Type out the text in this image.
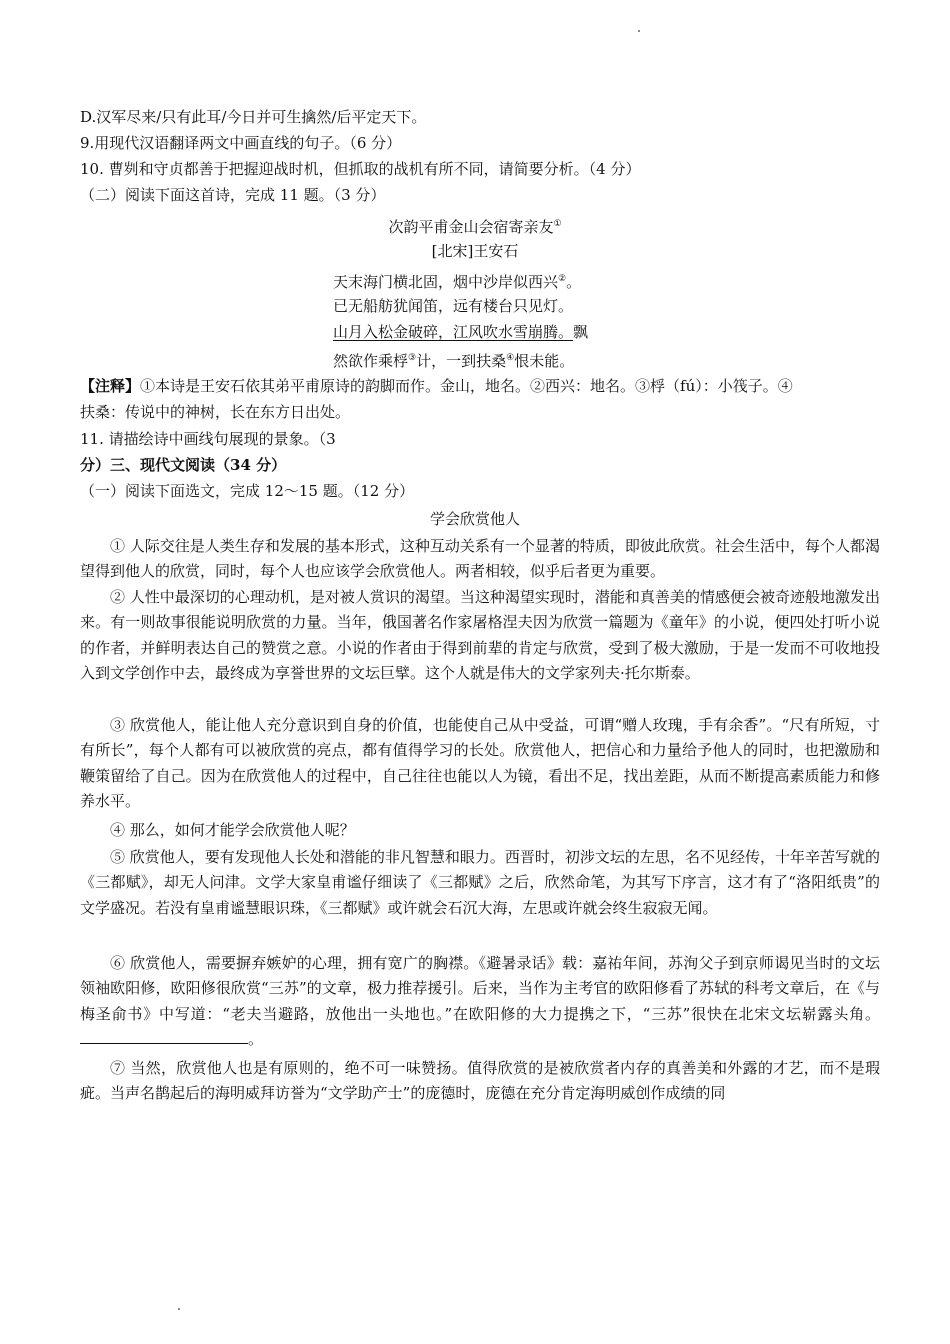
D.汉军尽来/只有此耳/今日并可生擒然/后平定天下。
9.用现代汉语翻译两文中画直线的句子。（6 分）
10. 曹刿和守贞都善于把握迎战时机，但抓取的战机有所不同，请简要分析。（4 分）
（二）阅读下面这首诗，完成 11 题。（3 分）
次韵平甫金山会宿寄亲友①
[北宋]王安石
天末海门横北固，烟中沙岸似西兴②。
已无船舫犹闻笛，远有楼台只见灯。
山月入松金破碎，江风吹水雪崩腾。飘
然欲作乘桴③计，一到扶桑④恨未能。
【注释】①本诗是王安石依其弟平甫原诗的韵脚而作。金山，地名。②西兴：地名。③桴（fú）：小筏子。④
扶桑：传说中的神树，长在东方日出处。
11. 请描绘诗中画线句展现的景象。（3
分）三、现代文阅读（34 分）
（一）阅读下面选文，完成 12～15 题。（12 分）
学会欣赏他人
① 人际交往是人类生存和发展的基本形式，这种互动关系有一个显著的特质，即彼此欣赏。社会生活中，每个人都渴望得到他人的欣赏，同时，每个人也应该学会欣赏他人。两者相较，似乎后者更为重要。
② 人性中最深切的心理动机，是对被人赏识的渴望。当这种渴望实现时，潜能和真善美的情感便会被奇迹般地激发出来。有一则故事很能说明欣赏的力量。当年，俄国著名作家屠格涅夫因为欣赏一篇题为《童年》的小说，便四处打听小说的作者，并鲜明表达自己的赞赏之意。小说的作者由于得到前辈的肯定与欣赏，受到了极大激励，于是一发而不可收地投入到文学创作中去，最终成为享誉世界的文坛巨擘。这个人就是伟大的文学家列夫·托尔斯泰。
③ 欣赏他人，能让他人充分意识到自身的价值，也能使自己从中受益，可谓“赠人玫瑰，手有余香”。“尺有所短，寸有所长”，每个人都有可以被欣赏的亮点，都有值得学习的长处。欣赏他人，把信心和力量给予他人的同时，也把激励和鞭策留给了自己。因为在欣赏他人的过程中，自己往往也能以人为镜，看出不足，找出差距，从而不断提高素质能力和修养水平。
④ 那么，如何才能学会欣赏他人呢？
⑤ 欣赏他人，要有发现他人长处和潜能的非凡智慧和眼力。西晋时，初涉文坛的左思，名不见经传，十年辛苦写就的《三都赋》，却无人问津。文学大家皇甫谧仔细读了《三都赋》之后，欣然命笔，为其写下序言，这才有了“洛阳纸贵”的文学盛况。若没有皇甫谧慧眼识珠，《三都赋》或许就会石沉大海，左思或许就会终生寂寂无闻。
⑥ 欣赏他人，需要摒弃嫉妒的心理，拥有宽广的胸襟。《避暑录话》载：嘉祐年间，苏洵父子到京师谒见当时的文坛领袖欧阳修，欧阳修很欣赏“三苏”的文章，极力推荐援引。后来，当作为主考官的欧阳修看了苏轼的科考文章后，在《与梅圣俞书》中写道：“老夫当避路，放他出一头地也。”在欧阳修的大力提携之下，“三苏”很快在北宋文坛崭露头角。。
⑦ 当然，欣赏他人也是有原则的，绝不可一味赞扬。值得欣赏的是被欣赏者内存的真善美和外露的才艺，而不是瑕疵。当声名鹊起后的海明威拜访誉为“文学助产士”的庞德时，庞德在充分肯定海明威创作成绩的同
